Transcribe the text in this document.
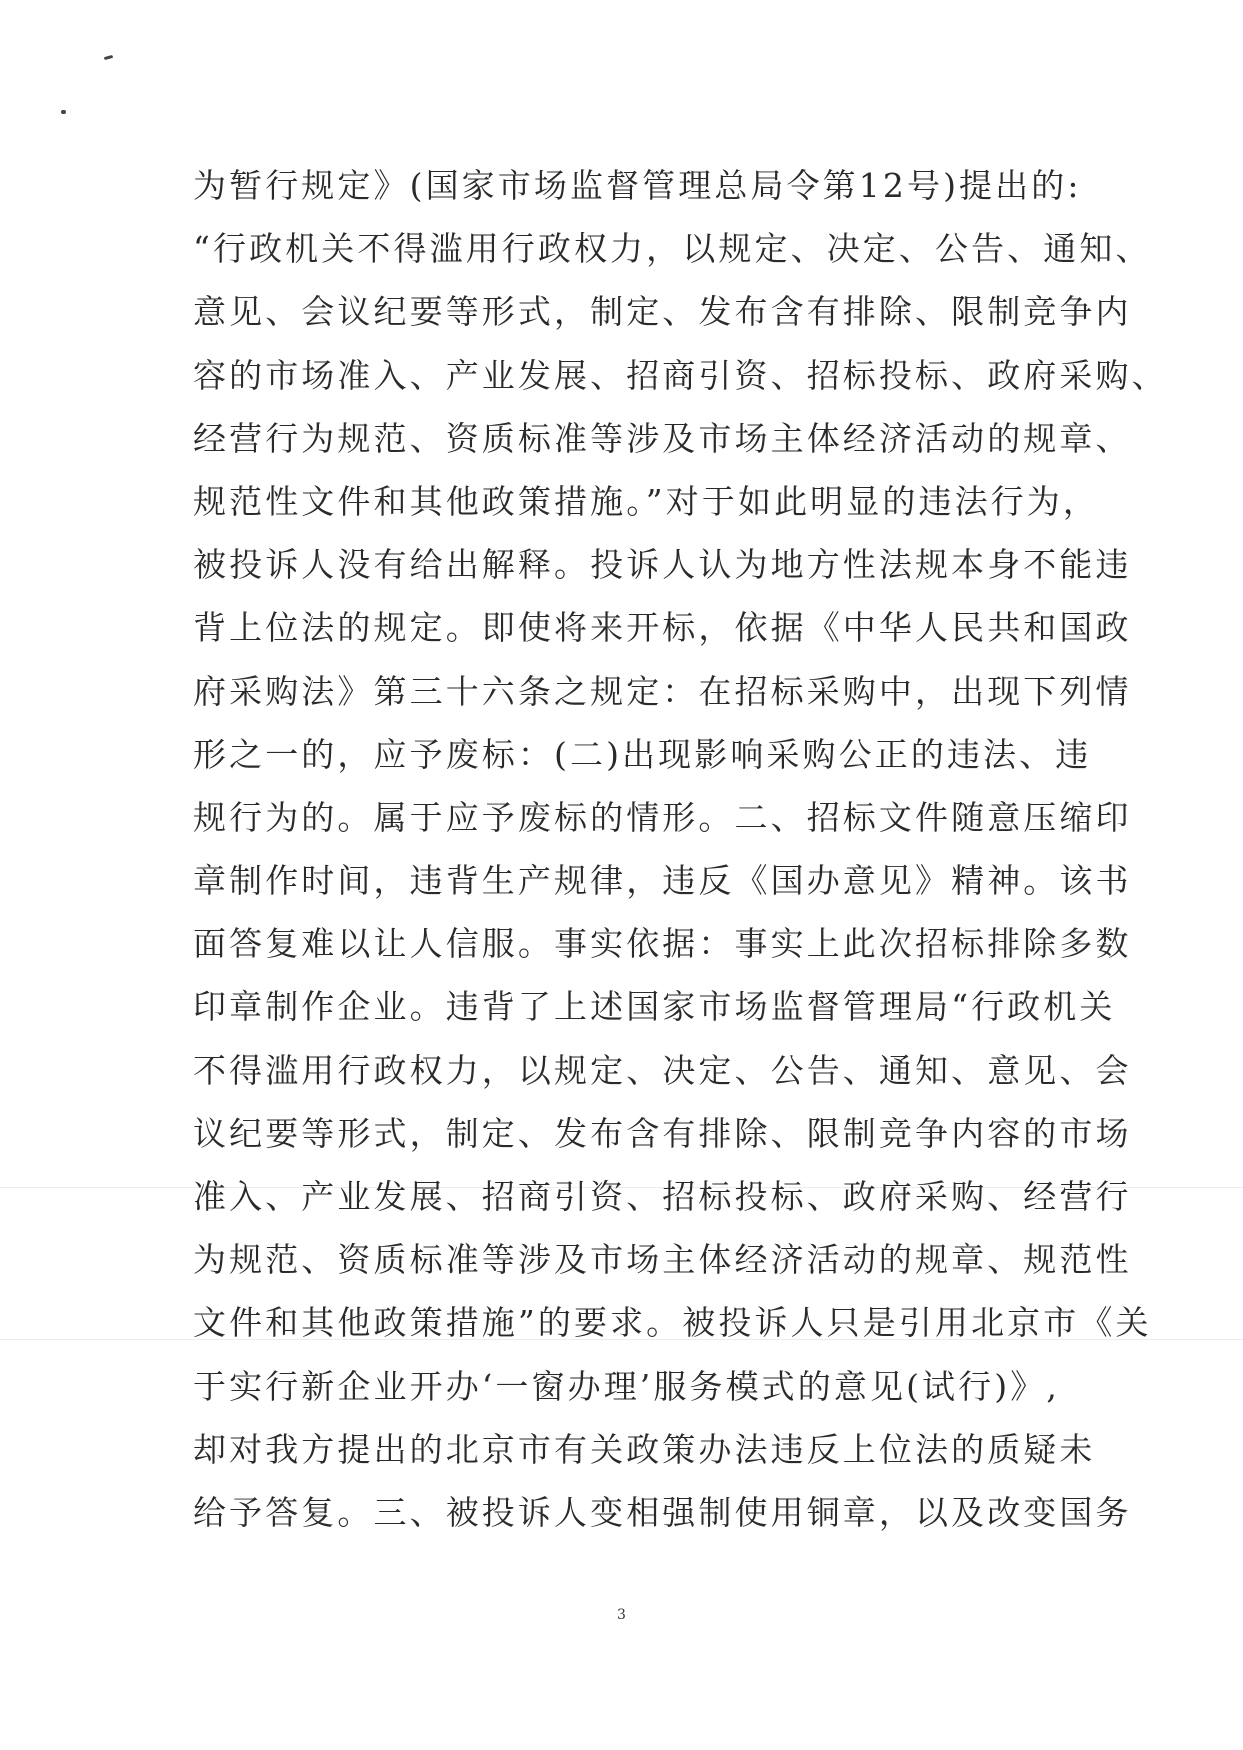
为暂行规定》(国家市场监督管理总局令第12号)提出的:
“行政机关不得滥用行政权力，以规定、决定、公告、通知、
意见、会议纪要等形式，制定、发布含有排除、限制竞争内
容的市场准入、产业发展、招商引资、招标投标、政府采购、
经营行为规范、资质标准等涉及市场主体经济活动的规章、
规范性文件和其他政策措施。”对于如此明显的违法行为，
被投诉人没有给出解释。投诉人认为地方性法规本身不能违
背上位法的规定。即使将来开标，依据《中华人民共和国政
府采购法》第三十六条之规定：在招标采购中，出现下列情
形之一的，应予废标：(二)出现影响采购公正的违法、违
规行为的。属于应予废标的情形。二、招标文件随意压缩印
章制作时间，违背生产规律，违反《国办意见》精神。该书
面答复难以让人信服。事实依据：事实上此次招标排除多数
印章制作企业。违背了上述国家市场监督管理局“行政机关
不得滥用行政权力，以规定、决定、公告、通知、意见、会
议纪要等形式，制定、发布含有排除、限制竞争内容的市场
准入、产业发展、招商引资、招标投标、政府采购、经营行
为规范、资质标准等涉及市场主体经济活动的规章、规范性
文件和其他政策措施”的要求。被投诉人只是引用北京市《关
于实行新企业开办‘一窗办理’服务模式的意见(试行)》,
却对我方提出的北京市有关政策办法违反上位法的质疑未
给予答复。三、被投诉人变相强制使用铜章，以及改变国务
3
